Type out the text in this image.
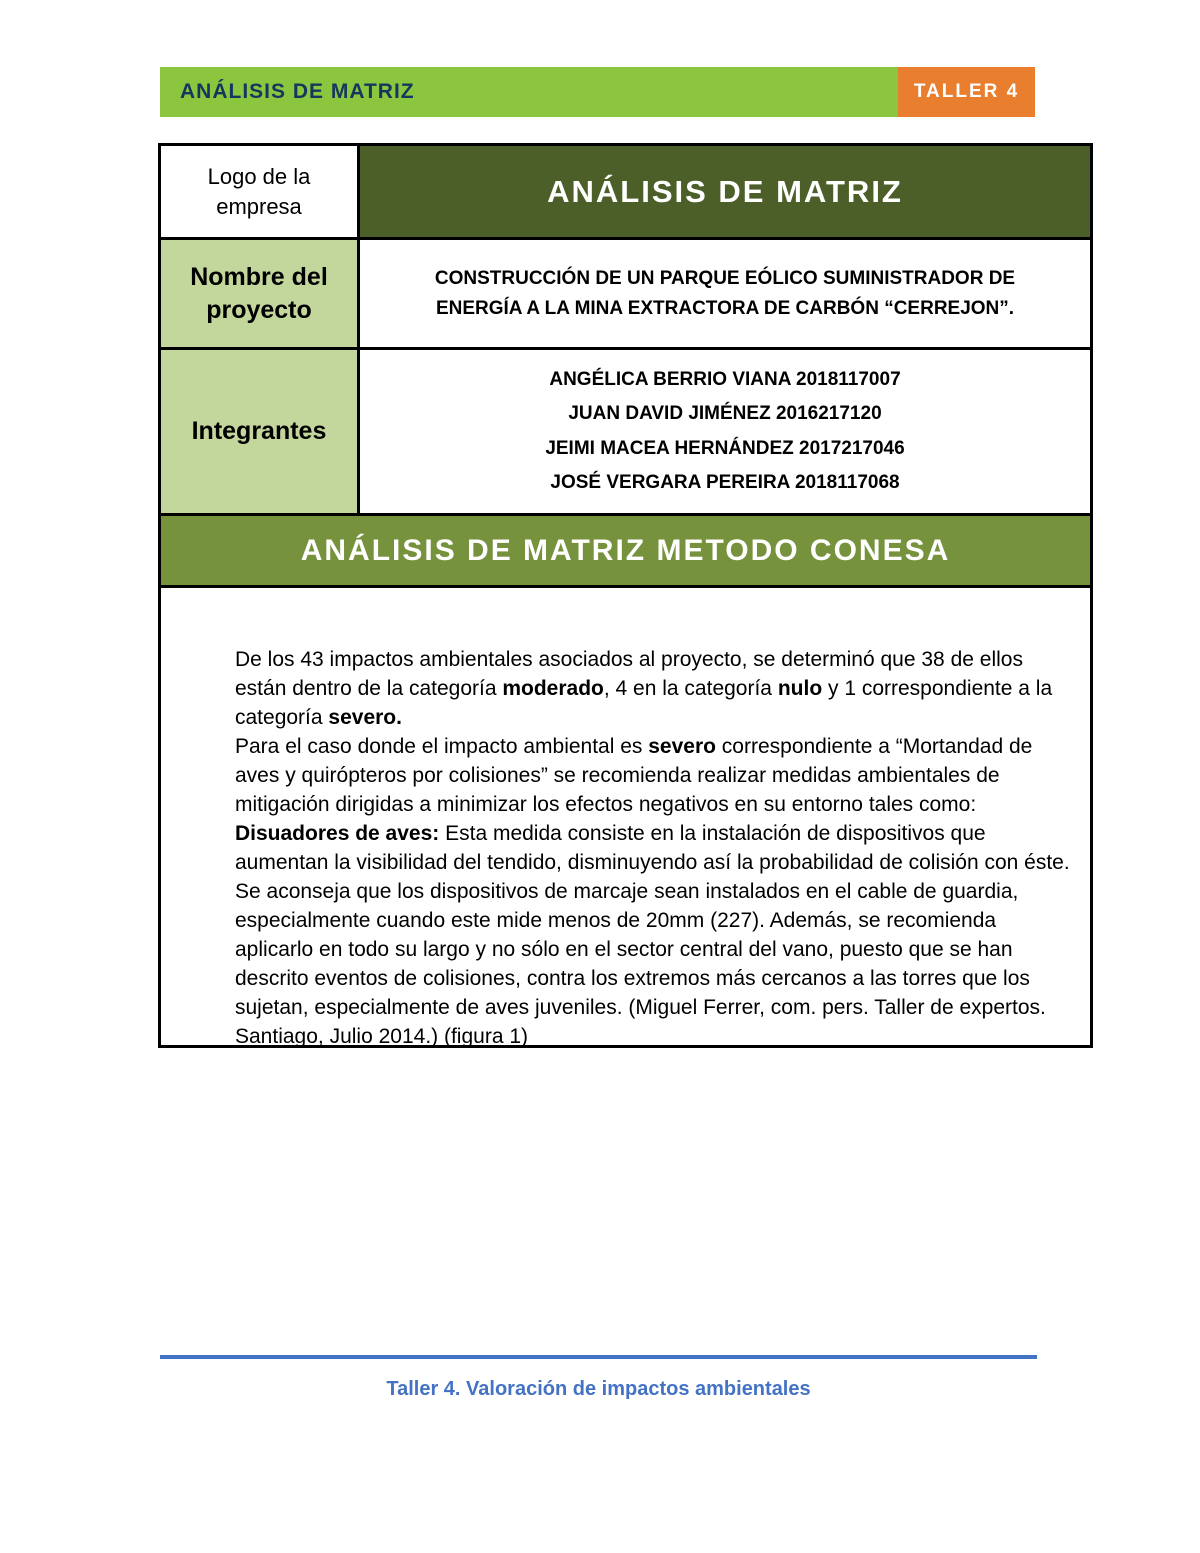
ANÁLISIS DE MATRIZ	TALLER 4
Logo de la empresa	ANÁLISIS DE MATRIZ
Nombre del proyecto
CONSTRUCCIÓN DE UN PARQUE EÓLICO SUMINISTRADOR DE ENERGÍA A LA MINA EXTRACTORA DE CARBÓN “CERREJON”.
Integrantes
ANGÉLICA BERRIO VIANA 2018117007
JUAN DAVID JIMÉNEZ 2016217120
JEIMI MACEA HERNÁNDEZ 2017217046
JOSÉ VERGARA PEREIRA 2018117068
ANÁLISIS DE MATRIZ METODO CONESA

De los 43 impactos ambientales asociados al proyecto, se determinó que 38 de ellos están dentro de la categoría moderado, 4 en la categoría nulo y 1 correspondiente a la categoría severo.

Para el caso donde el impacto ambiental es severo correspondiente a “Mortandad de aves y quirópteros por colisiones” se recomienda realizar medidas ambientales de mitigación dirigidas a minimizar los efectos negativos en su entorno tales como:

Disuadores de aves: Esta medida consiste en la instalación de dispositivos que aumentan la visibilidad del tendido, disminuyendo así la probabilidad de colisión con éste. Se aconseja que los dispositivos de marcaje sean instalados en el cable de guardia, especialmente cuando este mide menos de 20mm (227). Además, se recomienda aplicarlo en todo su largo y no sólo en el sector central del vano, puesto que se han descrito eventos de colisiones, contra los extremos más cercanos a las torres que los sujetan, especialmente de aves juveniles. (Miguel Ferrer, com. pers. Taller de expertos. Santiago, Julio 2014.) (figura 1)

Taller 4. Valoración de impactos ambientales
